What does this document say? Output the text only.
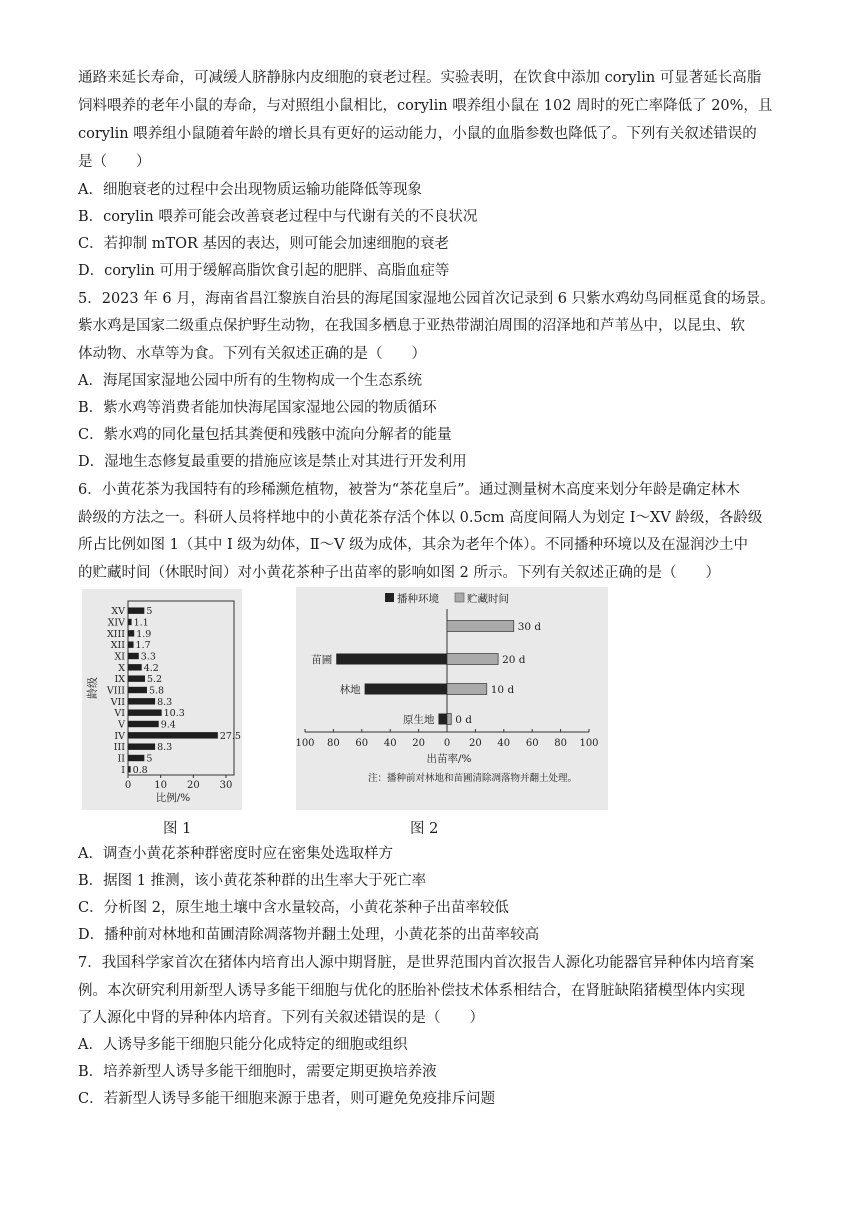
通路来延长寿命，可减缓人脐静脉内皮细胞的衰老过程。实验表明，在饮食中添加 corylin 可显著延长高脂
饲料喂养的老年小鼠的寿命，与对照组小鼠相比，corylin 喂养组小鼠在 102 周时的死亡率降低了 20%，且
corylin 喂养组小鼠随着年龄的增长具有更好的运动能力，小鼠的血脂参数也降低了。下列有关叙述错误的
是（　　）
A．细胞衰老的过程中会出现物质运输功能降低等现象
B．corylin 喂养可能会改善衰老过程中与代谢有关的不良状况
C．若抑制 mTOR 基因的表达，则可能会加速细胞的衰老
D．corylin 可用于缓解高脂饮食引起的肥胖、高脂血症等
5．2023 年 6 月，海南省昌江黎族自治县的海尾国家湿地公园首次记录到 6 只紫水鸡幼鸟同框觅食的场景。
紫水鸡是国家二级重点保护野生动物，在我国多栖息于亚热带湖泊周围的沼泽地和芦苇丛中，以昆虫、软
体动物、水草等为食。下列有关叙述正确的是（　　）
A．海尾国家湿地公园中所有的生物构成一个生态系统
B．紫水鸡等消费者能加快海尾国家湿地公园的物质循环
C．紫水鸡的同化量包括其粪便和残骸中流向分解者的能量
D．湿地生态修复最重要的措施应该是禁止对其进行开发利用
6．小黄花茶为我国特有的珍稀濒危植物，被誉为“茶花皇后”。通过测量树木高度来划分年龄是确定林木
龄级的方法之一。科研人员将样地中的小黄花茶存活个体以 0.5cm 高度间隔人为划定 Ⅰ～XV 龄级，各龄级
所占比例如图 1（其中 Ⅰ 级为幼体，Ⅱ～Ⅴ 级为成体，其余为老年个体）。不同播种环境以及在湿润沙土中
的贮藏时间（休眠时间）对小黄花茶种子出苗率的影响如图 2 所示。下列有关叙述正确的是（　　）
XV 5
XIV 1.1
XIII 1.9
XII 1.7
XI 3.3
X 4.2
IX 5.2
VIII	5.8
VII	8.3
VI	10.3
V	9.4
IV	27.5
III	8.3
II 5
I 0.8
0 10 20 30
比例/%
龄级
播种环境	贮藏时间
30 d
20 d
10 d
0 d
苗圃
林地
原生地
100 80 60 40 20 0 20 40 60 80 100
出苗率/%
注：播种前对林地和苗圃清除凋落物并翻土处理。
图 1	图 2
A．调查小黄花茶种群密度时应在密集处选取样方
B．据图 1 推测，该小黄花茶种群的出生率大于死亡率
C．分析图 2，原生地土壤中含水量较高，小黄花茶种子出苗率较低
D．播种前对林地和苗圃清除凋落物并翻土处理，小黄花茶的出苗率较高
7．我国科学家首次在猪体内培育出人源中期肾脏，是世界范围内首次报告人源化功能器官异种体内培育案
例。本次研究利用新型人诱导多能干细胞与优化的胚胎补偿技术体系相结合，在肾脏缺陷猪模型体内实现
了人源化中肾的异种体内培育。下列有关叙述错误的是（　　）
A．人诱导多能干细胞只能分化成特定的细胞或组织
B．培养新型人诱导多能干细胞时，需要定期更换培养液
C．若新型人诱导多能干细胞来源于患者，则可避免免疫排斥问题
